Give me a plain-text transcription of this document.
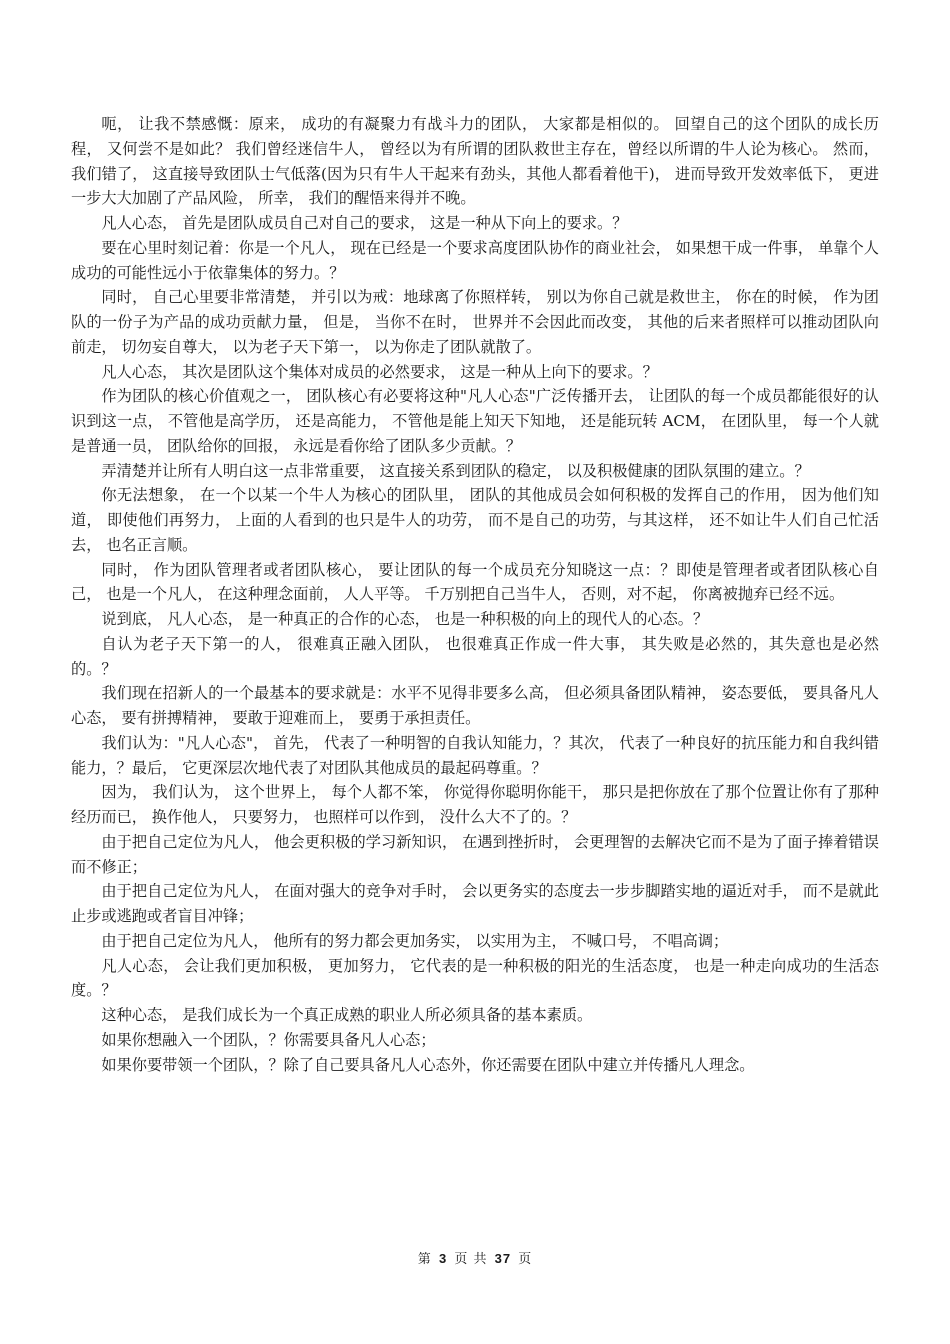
呃， 让我不禁感慨：原来， 成功的有凝聚力有战斗力的团队， 大家都是相似的。 回望自己的这个团队的成长历程， 又何尝不是如此？ 我们曾经迷信牛人， 曾经以为有所谓的团队救世主存在，曾经以所谓的牛人论为核心。 然而， 我们错了， 这直接导致团队士气低落(因为只有牛人干起来有劲头，其他人都看着他干)， 进而导致开发效率低下， 更进一步大大加剧了产品风险， 所幸， 我们的醒悟来得并不晚。

凡人心态， 首先是团队成员自己对自己的要求， 这是一种从下向上的要求。？

要在心里时刻记着：你是一个凡人， 现在已经是一个要求高度团队协作的商业社会， 如果想干成一件事， 单靠个人成功的可能性远小于依靠集体的努力。？

同时， 自己心里要非常清楚， 并引以为戒：地球离了你照样转， 别以为你自己就是救世主， 你在的时候， 作为团队的一份子为产品的成功贡献力量， 但是， 当你不在时， 世界并不会因此而改变， 其他的后来者照样可以推动团队向前走， 切勿妄自尊大， 以为老子天下第一， 以为你走了团队就散了。

凡人心态， 其次是团队这个集体对成员的必然要求， 这是一种从上向下的要求。？

作为团队的核心价值观之一， 团队核心有必要将这种"凡人心态"广泛传播开去， 让团队的每一个成员都能很好的认识到这一点， 不管他是高学历， 还是高能力， 不管他是能上知天下知地， 还是能玩转 ACM， 在团队里， 每一个人就是普通一员， 团队给你的回报， 永远是看你给了团队多少贡献。？

弄清楚并让所有人明白这一点非常重要， 这直接关系到团队的稳定， 以及积极健康的团队氛围的建立。？

你无法想象， 在一个以某一个牛人为核心的团队里， 团队的其他成员会如何积极的发挥自己的作用， 因为他们知道， 即使他们再努力， 上面的人看到的也只是牛人的功劳， 而不是自己的功劳，与其这样， 还不如让牛人们自己忙活去， 也名正言顺。

同时， 作为团队管理者或者团队核心， 要让团队的每一个成员充分知晓这一点：？即使是管理者或者团队核心自己， 也是一个凡人， 在这种理念面前， 人人平等。 千万别把自己当牛人， 否则，对不起， 你离被抛弃已经不远。

说到底， 凡人心态， 是一种真正的合作的心态， 也是一种积极的向上的现代人的心态。？

自认为老子天下第一的人， 很难真正融入团队， 也很难真正作成一件大事， 其失败是必然的，其失意也是必然的。？

我们现在招新人的一个最基本的要求就是：水平不见得非要多么高， 但必须具备团队精神， 姿态要低， 要具备凡人心态， 要有拼搏精神， 要敢于迎难而上， 要勇于承担责任。

我们认为："凡人心态"， 首先， 代表了一种明智的自我认知能力，？其次， 代表了一种良好的抗压能力和自我纠错能力，？最后， 它更深层次地代表了对团队其他成员的最起码尊重。？

因为， 我们认为， 这个世界上， 每个人都不笨， 你觉得你聪明你能干， 那只是把你放在了那个位置让你有了那种经历而已， 换作他人， 只要努力， 也照样可以作到， 没什么大不了的。？

由于把自己定位为凡人， 他会更积极的学习新知识， 在遇到挫折时， 会更理智的去解决它而不是为了面子捧着错误而不修正；

由于把自己定位为凡人， 在面对强大的竞争对手时， 会以更务实的态度去一步步脚踏实地的逼近对手， 而不是就此止步或逃跑或者盲目冲锋；

由于把自己定位为凡人， 他所有的努力都会更加务实， 以实用为主， 不喊口号， 不唱高调；

凡人心态， 会让我们更加积极， 更加努力， 它代表的是一种积极的阳光的生活态度， 也是一种走向成功的生活态度。？

这种心态， 是我们成长为一个真正成熟的职业人所必须具备的基本素质。

如果你想融入一个团队，？你需要具备凡人心态；

如果你要带领一个团队，？除了自己要具备凡人心态外，你还需要在团队中建立并传播凡人理念。

第 3 页 共 37 页
